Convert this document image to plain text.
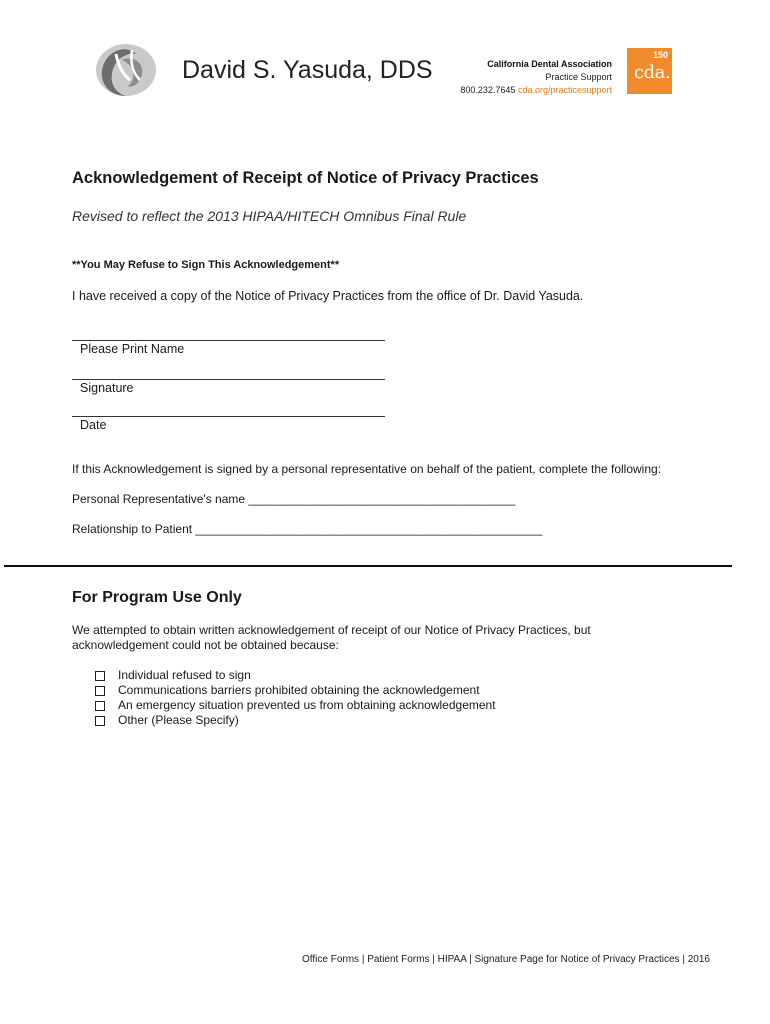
David S. Yasuda, DDS	California Dental Association
Practice Support
800.232.7645 cda.org/practicesupport
150
cda.
Acknowledgement of Receipt of Notice of Privacy Practices
Revised to reflect the 2013 HIPAA/HITECH Omnibus Final Rule
**You May Refuse to Sign This Acknowledgement**
I have received a copy of the Notice of Privacy Practices from the office of Dr. David Yasuda.
Please Print Name
Signature
Date
If this Acknowledgement is signed by a personal representative on behalf of the patient, complete the following:
Personal Representative's name ________________________________________
Relationship to Patient ____________________________________________________
For Program Use Only
We attempted to obtain written acknowledgement of receipt of our Notice of Privacy Practices, but acknowledgement could not be obtained because:
Individual refused to sign
Communications barriers prohibited obtaining the acknowledgement
An emergency situation prevented us from obtaining acknowledgement
Other (Please Specify)
Office Forms | Patient Forms | HIPAA | Signature Page for Notice of Privacy Practices | 2016
